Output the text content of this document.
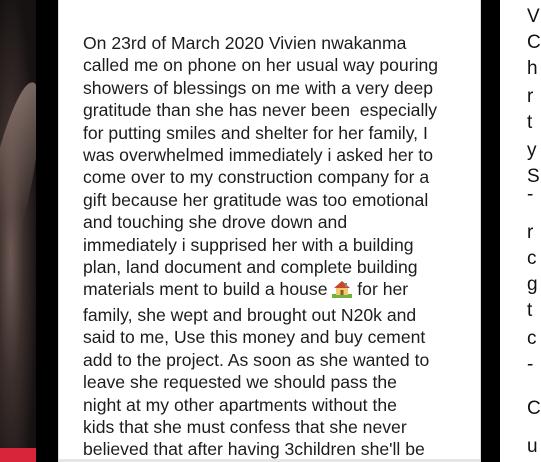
On 23rd of March 2020 Vivien nwakanma
called me on phone on her usual way pouring
showers of blessings on me with a very deep
gratitude than she has never been  especially
for putting smiles and shelter for her family, I
was overwhelmed immediately i asked her to
come over to my construction company for a
gift because her gratitude was too emotional
and touching she drove down and
immediately i supprised her with a building
plan, land document and complete building
materials ment to build a house  for her
family, she wept and brought out N20k and
said to me, Use this money and buy cement
add to the project. As soon as she wanted to
leave she requested we should pass the
night at my other apartments without the
kids that she must confess that she never
believed that after having 3children she'll be
V
C
h
r
t
y
S
-
r
c
g
t
c
-
C
u
